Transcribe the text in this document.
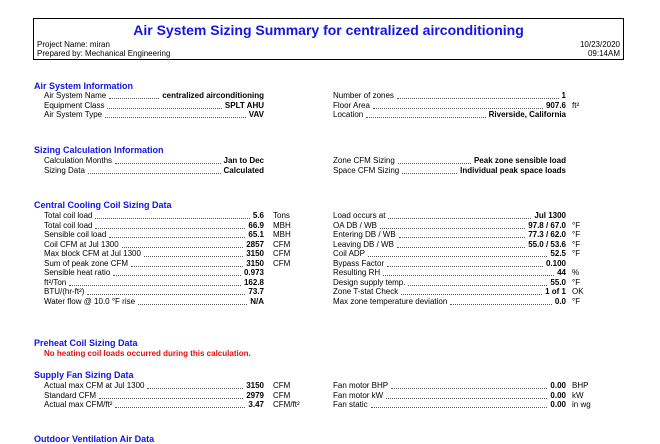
Air System Sizing Summary for centralized airconditioning
Project Name: miran
Prepared by: Mechanical Engineering
10/23/2020
09:14AM
Air System Information
Air System Name	centralized airconditioning
Equipment Class	SPLT AHU
Air System Type	VAV
Number of zones	1
Floor Area	907.6 ft²
Location	Riverside, California
Sizing Calculation Information
Calculation Months	Jan to Dec
Sizing Data	Calculated
Zone CFM Sizing	Peak zone sensible load
Space CFM Sizing	Individual peak space loads
Central Cooling Coil Sizing Data
Total coil load	5.6 Tons
Total coil load	66.9 MBH
Sensible coil load	65.1 MBH
Coil CFM at Jul 1300	2857 CFM
Max block CFM at Jul 1300	3150 CFM
Sum of peak zone CFM	3150 CFM
Sensible heat ratio	0.973
ft²/Ton	162.8
BTU/(hr-ft²)	73.7
Water flow @ 10.0 °F rise	N/A
Load occurs at	Jul 1300
OA DB / WB	97.8 / 67.0 °F
Entering DB / WB	77.3 / 62.0 °F
Leaving DB / WB	55.0 / 53.6 °F
Coil ADP	52.5 °F
Bypass Factor	0.100
Resulting RH	44 %
Design supply temp.	55.0 °F
Zone T-stat Check	1 of 1 OK
Max zone temperature deviation	0.0 °F
Preheat Coil Sizing Data
No heating coil loads occurred during this calculation.
Supply Fan Sizing Data
Actual max CFM at Jul 1300	3150 CFM
Standard CFM	2979 CFM
Actual max CFM/ft²	3.47 CFM/ft²
Fan motor BHP	0.00 BHP
Fan motor kW	0.00 kW
Fan static	0.00 in wg
Outdoor Ventilation Air Data
